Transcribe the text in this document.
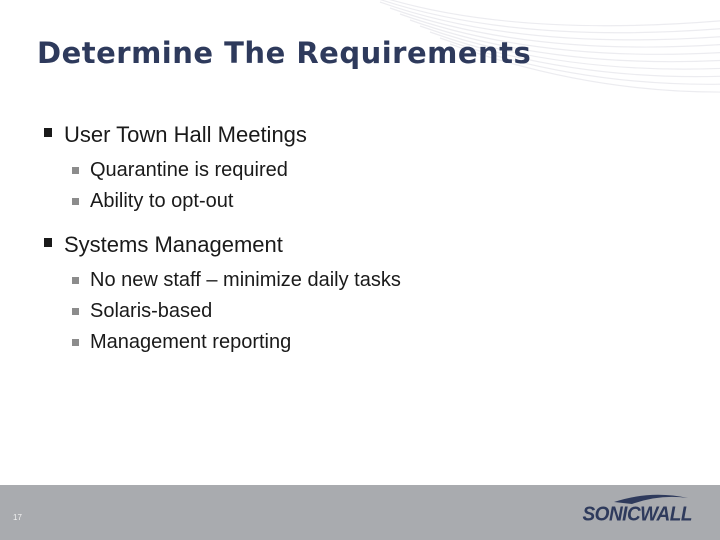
Determine The Requirements
User Town Hall Meetings
Quarantine is required
Ability to opt-out
Systems Management
No new staff – minimize daily tasks
Solaris-based
Management reporting
17	SONICWALL
